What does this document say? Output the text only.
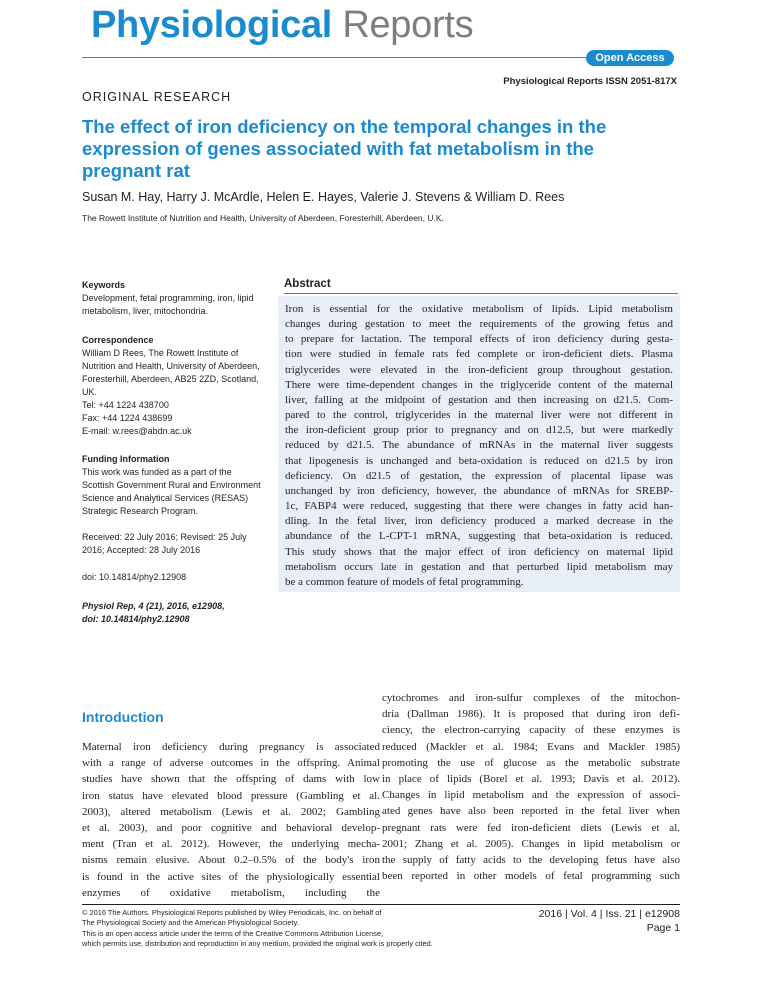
Physiological Reports
Open Access
Physiological Reports ISSN 2051-817X
ORIGINAL RESEARCH
The effect of iron deficiency on the temporal changes in the
expression of genes associated with fat metabolism in the
pregnant rat
Susan M. Hay, Harry J. McArdle, Helen E. Hayes, Valerie J. Stevens & William D. Rees
The Rowett Institute of Nutrition and Health, University of Aberdeen, Foresterhill, Aberdeen, U.K.
Keywords
Development, fetal programming, iron, lipid
metabolism, liver, mitochondria.
Correspondence
William D Rees, The Rowett Institute of
Nutrition and Health, University of Aberdeen,
Foresterhill, Aberdeen, AB25 2ZD, Scotland,
UK.
Tel: +44 1224 438700
Fax: +44 1224 438699
E-mail: w.rees@abdn.ac.uk
Funding Information
This work was funded as a part of the
Scottish Government Rural and Environment
Science and Analytical Services (RESAS)
Strategic Research Program.
Received: 22 July 2016; Revised: 25 July
2016; Accepted: 28 July 2016
doi: 10.14814/phy2.12908
Physiol Rep, 4 (21), 2016, e12908,
doi: 10.14814/phy2.12908
Abstract
Iron is essential for the oxidative metabolism of lipids. Lipid metabolism
changes during gestation to meet the requirements of the growing fetus and
to prepare for lactation. The temporal effects of iron deficiency during gesta-
tion were studied in female rats fed complete or iron-deficient diets. Plasma
triglycerides were elevated in the iron-deficient group throughout gestation.
There were time-dependent changes in the triglyceride content of the maternal
liver, falling at the midpoint of gestation and then increasing on d21.5. Com-
pared to the control, triglycerides in the maternal liver were not different in
the iron-deficient group prior to pregnancy and on d12.5, but were markedly
reduced by d21.5. The abundance of mRNAs in the maternal liver suggests
that lipogenesis is unchanged and beta-oxidation is reduced on d21.5 by iron
deficiency. On d21.5 of gestation, the expression of placental lipase was
unchanged by iron deficiency, however, the abundance of mRNAs for SREBP-
1c, FABP4 were reduced, suggesting that there were changes in fatty acid han-
dling. In the fetal liver, iron deficiency produced a marked decrease in the
abundance of the L-CPT-1 mRNA, suggesting that beta-oxidation is reduced.
This study shows that the major effect of iron deficiency on maternal lipid
metabolism occurs late in gestation and that perturbed lipid metabolism may
be a common feature of models of fetal programming.
Introduction
Maternal iron deficiency during pregnancy is associated
with a range of adverse outcomes in the offspring. Animal
studies have shown that the offspring of dams with low
iron status have elevated blood pressure (Gambling et al.
2003), altered metabolism (Lewis et al. 2002; Gambling
et al. 2003), and poor cognitive and behavioral develop-
ment (Tran et al. 2012). However, the underlying mecha-
nisms remain elusive. About 0.2–0.5% of the body's iron
is found in the active sites of the physiologically essential
enzymes of oxidative metabolism, including the
cytochromes and iron-sulfur complexes of the mitochon-
dria (Dallman 1986). It is proposed that during iron defi-
ciency, the electron-carrying capacity of these enzymes is
reduced (Mackler et al. 1984; Evans and Mackler 1985)
promoting the use of glucose as the metabolic substrate
in place of lipids (Borel et al. 1993; Davis et al. 2012).
Changes in lipid metabolism and the expression of associ-
ated genes have also been reported in the fetal liver when
pregnant rats were fed iron-deficient diets (Lewis et al.
2001; Zhang et al. 2005). Changes in lipid metabolism or
the supply of fatty acids to the developing fetus have also
been reported in other models of fetal programming such
© 2016 The Authors. Physiological Reports published by Wiley Periodicals, Inc. on behalf of
The Physiological Society and the American Physiological Society.
This is an open access article under the terms of the Creative Commons Attribution License,
which permits use, distribution and reproduction in any medium, provided the original work is properly cited.
2016 | Vol. 4 | Iss. 21 | e12908
Page 1
